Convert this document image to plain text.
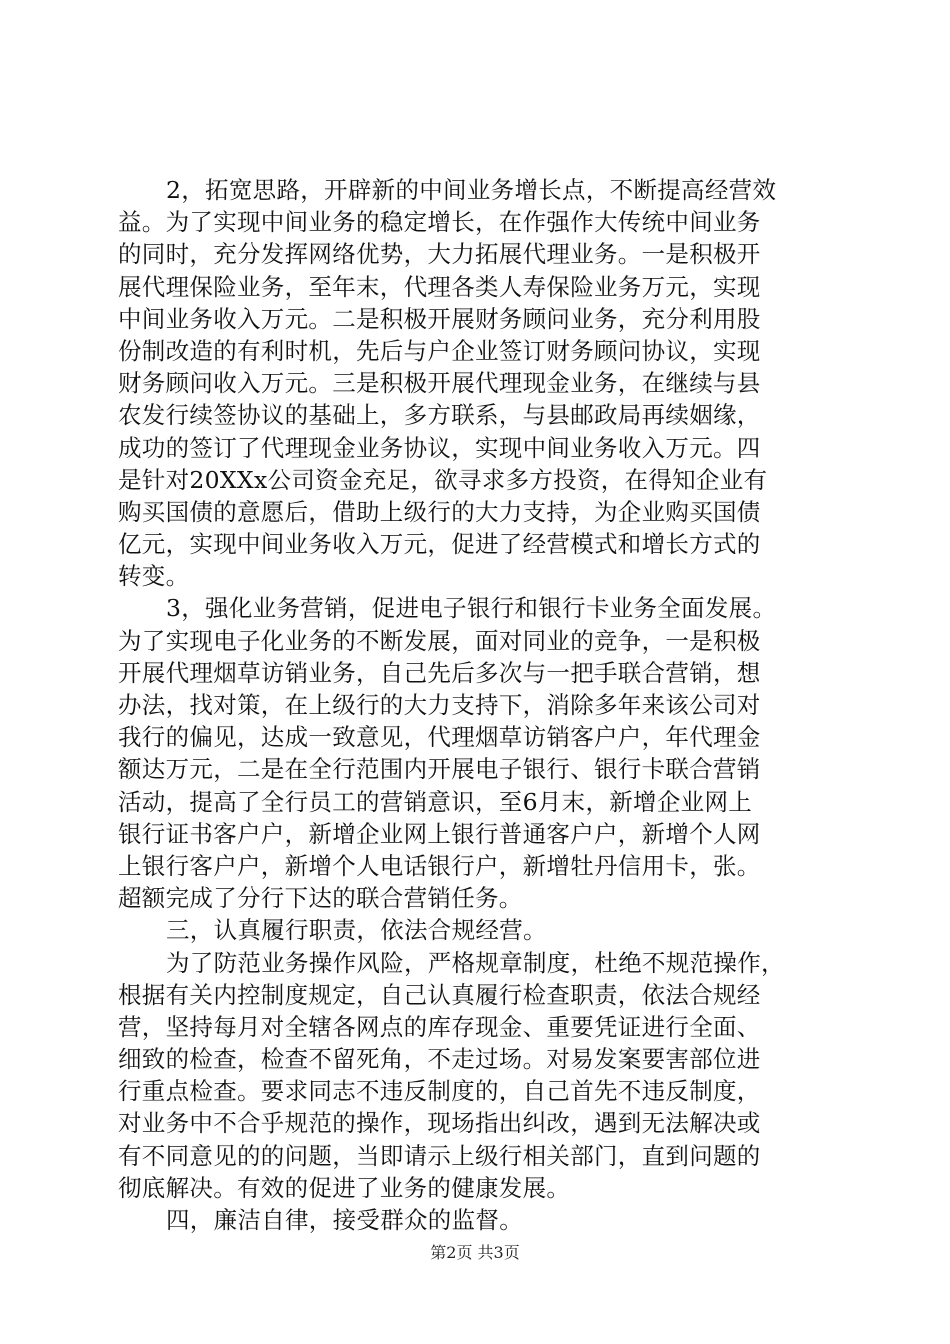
2，拓宽思路，开辟新的中间业务增长点，不断提高经营效
益。为了实现中间业务的稳定增长，在作强作大传统中间业务
的同时，充分发挥网络优势，大力拓展代理业务。一是积极开
展代理保险业务，至年末，代理各类人寿保险业务万元，实现
中间业务收入万元。二是积极开展财务顾问业务，充分利用股
份制改造的有利时机，先后与户企业签订财务顾问协议，实现
财务顾问收入万元。三是积极开展代理现金业务，在继续与县
农发行续签协议的基础上，多方联系，与县邮政局再续姻缘，
成功的签订了代理现金业务协议，实现中间业务收入万元。四
是针对20XXx公司资金充足，欲寻求多方投资，在得知企业有
购买国债的意愿后，借助上级行的大力支持，为企业购买国债
亿元，实现中间业务收入万元，促进了经营模式和增长方式的
转变。
3，强化业务营销，促进电子银行和银行卡业务全面发展。
为了实现电子化业务的不断发展，面对同业的竞争，一是积极
开展代理烟草访销业务，自己先后多次与一把手联合营销，想
办法，找对策，在上级行的大力支持下，消除多年来该公司对
我行的偏见，达成一致意见，代理烟草访销客户户，年代理金
额达万元，二是在全行范围内开展电子银行、银行卡联合营销
活动，提高了全行员工的营销意识，至6月末，新增企业网上
银行证书客户户，新增企业网上银行普通客户户，新增个人网
上银行客户户，新增个人电话银行户，新增牡丹信用卡，张。
超额完成了分行下达的联合营销任务。
三，认真履行职责，依法合规经营。
为了防范业务操作风险，严格规章制度，杜绝不规范操作，
根据有关内控制度规定，自己认真履行检查职责，依法合规经
营，坚持每月对全辖各网点的库存现金、重要凭证进行全面、
细致的检查，检查不留死角，不走过场。对易发案要害部位进
行重点检查。要求同志不违反制度的，自己首先不违反制度，
对业务中不合乎规范的操作，现场指出纠改，遇到无法解决或
有不同意见的的问题，当即请示上级行相关部门，直到问题的
彻底解决。有效的促进了业务的健康发展。
四，廉洁自律，接受群众的监督。
第2页 共3页
